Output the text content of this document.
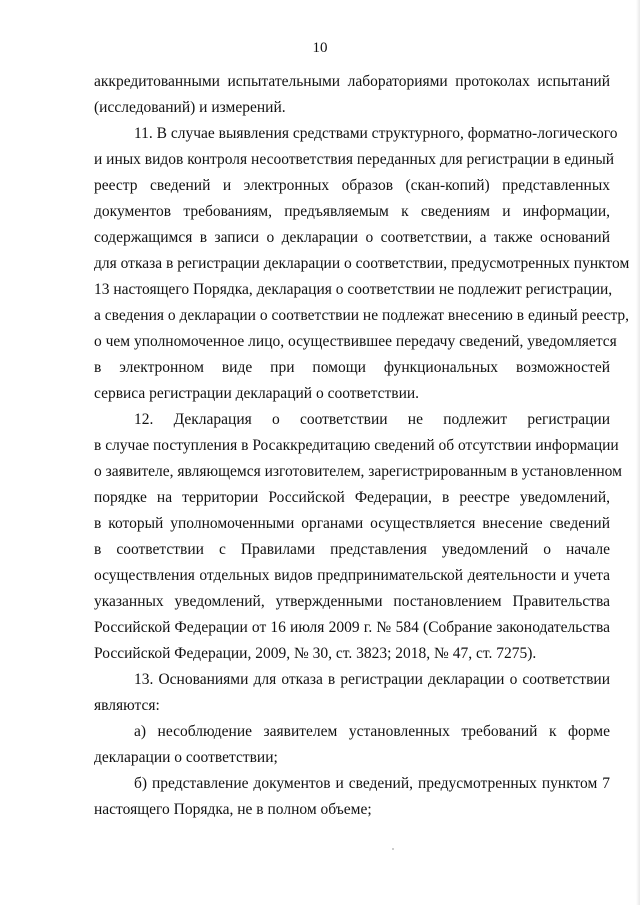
10
аккредитованными испытательными лабораториями протоколах испытаний
(исследований) и измерений.
11. В случае выявления средствами структурного, форматно-логического
и иных видов контроля несоответствия переданных для регистрации в единый
реестр сведений и электронных образов (скан-копий) представленных
документов требованиям, предъявляемым к сведениям и информации,
содержащимся в записи о декларации о соответствии, а также оснований
для отказа в регистрации декларации о соответствии, предусмотренных пунктом
13 настоящего Порядка, декларация о соответствии не подлежит регистрации,
а сведения о декларации о соответствии не подлежат внесению в единый реестр,
о чем уполномоченное лицо, осуществившее передачу сведений, уведомляется
в электронном виде при помощи функциональных возможностей
сервиса регистрации деклараций о соответствии.
12. Декларация о соответствии не подлежит регистрации
в случае поступления в Росаккредитацию сведений об отсутствии информации
о заявителе, являющемся изготовителем, зарегистрированным в установленном
порядке на территории Российской Федерации, в реестре уведомлений,
в который уполномоченными органами осуществляется внесение сведений
в соответствии с Правилами представления уведомлений о начале
осуществления отдельных видов предпринимательской деятельности и учета
указанных уведомлений, утвержденными постановлением Правительства
Российской Федерации от 16 июля 2009 г. № 584 (Собрание законодательства
Российской Федерации, 2009, № 30, ст. 3823; 2018, № 47, ст. 7275).
13. Основаниями для отказа в регистрации декларации о соответствии
являются:
а) несоблюдение заявителем установленных требований к форме
декларации о соответствии;
б) представление документов и сведений, предусмотренных пунктом 7
настоящего Порядка, не в полном объеме;
